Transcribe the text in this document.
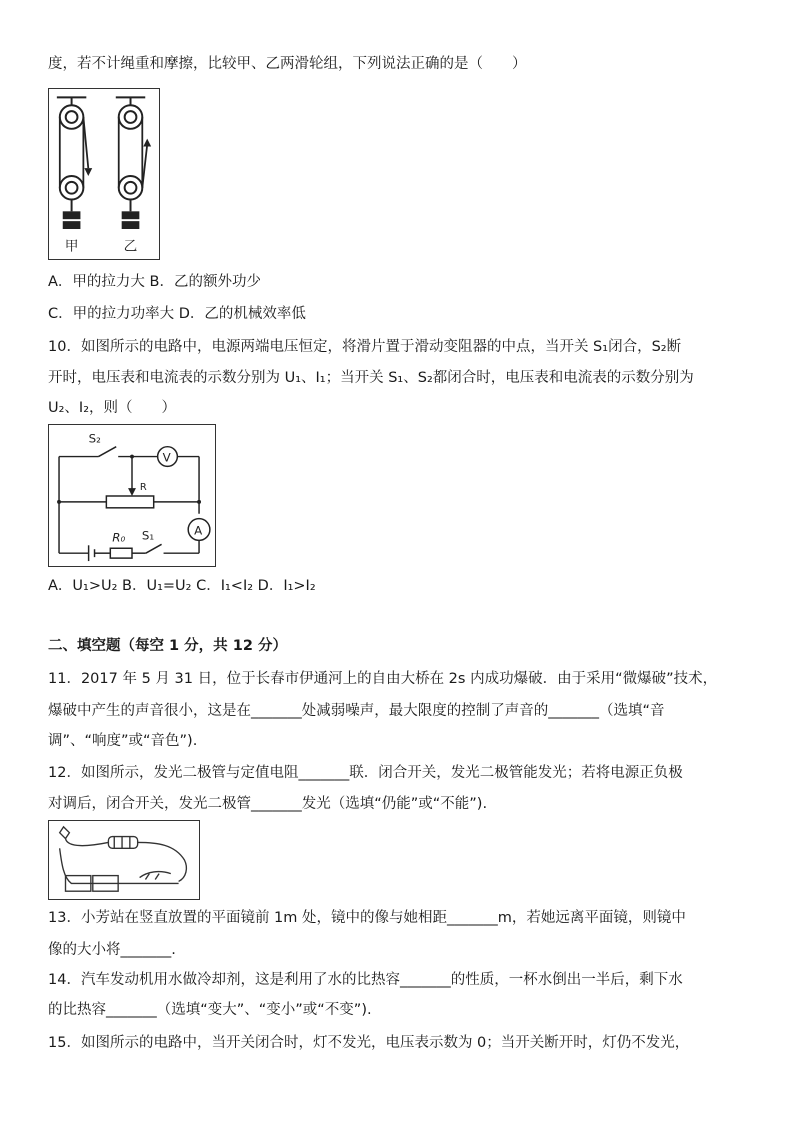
度，若不计绳重和摩擦，比较甲、乙两滑轮组，下列说法正确的是（　　）
甲	乙
A．甲的拉力大 B．乙的额外功少
C．甲的拉力功率大 D．乙的机械效率低
10．如图所示的电路中，电源两端电压恒定，将滑片置于滑动变阻器的中点，当开关 S₁闭合，S₂断
开时，电压表和电流表的示数分别为 U₁、I₁；当开关 S₁、S₂都闭合时，电压表和电流表的示数分别为
U₂、I₂，则（　　）
S₂
V
R
A
R₀ S₁
A．U₁>U₂ B．U₁=U₂ C．I₁<I₂ D．I₁>I₂
二、填空题（每空 1 分，共 12 分）
11．2017 年 5 月 31 日，位于长春市伊通河上的自由大桥在 2s 内成功爆破．由于采用“微爆破”技术，
爆破中产生的声音很小，这是在_______处减弱噪声，最大限度的控制了声音的_______（选填“音
调”、“响度”或“音色”).
12．如图所示，发光二极管与定值电阻_______联．闭合开关，发光二极管能发光；若将电源正负极
对调后，闭合开关，发光二极管_______发光（选填“仍能”或“不能”).
13．小芳站在竖直放置的平面镜前 1m 处，镜中的像与她相距_______m，若她远离平面镜，则镜中
像的大小将_______.
14．汽车发动机用水做冷却剂，这是利用了水的比热容_______的性质，一杯水倒出一半后，剩下水
的比热容_______（选填“变大”、“变小”或“不变”).
15．如图所示的电路中，当开关闭合时，灯不发光，电压表示数为 0；当开关断开时，灯仍不发光，
